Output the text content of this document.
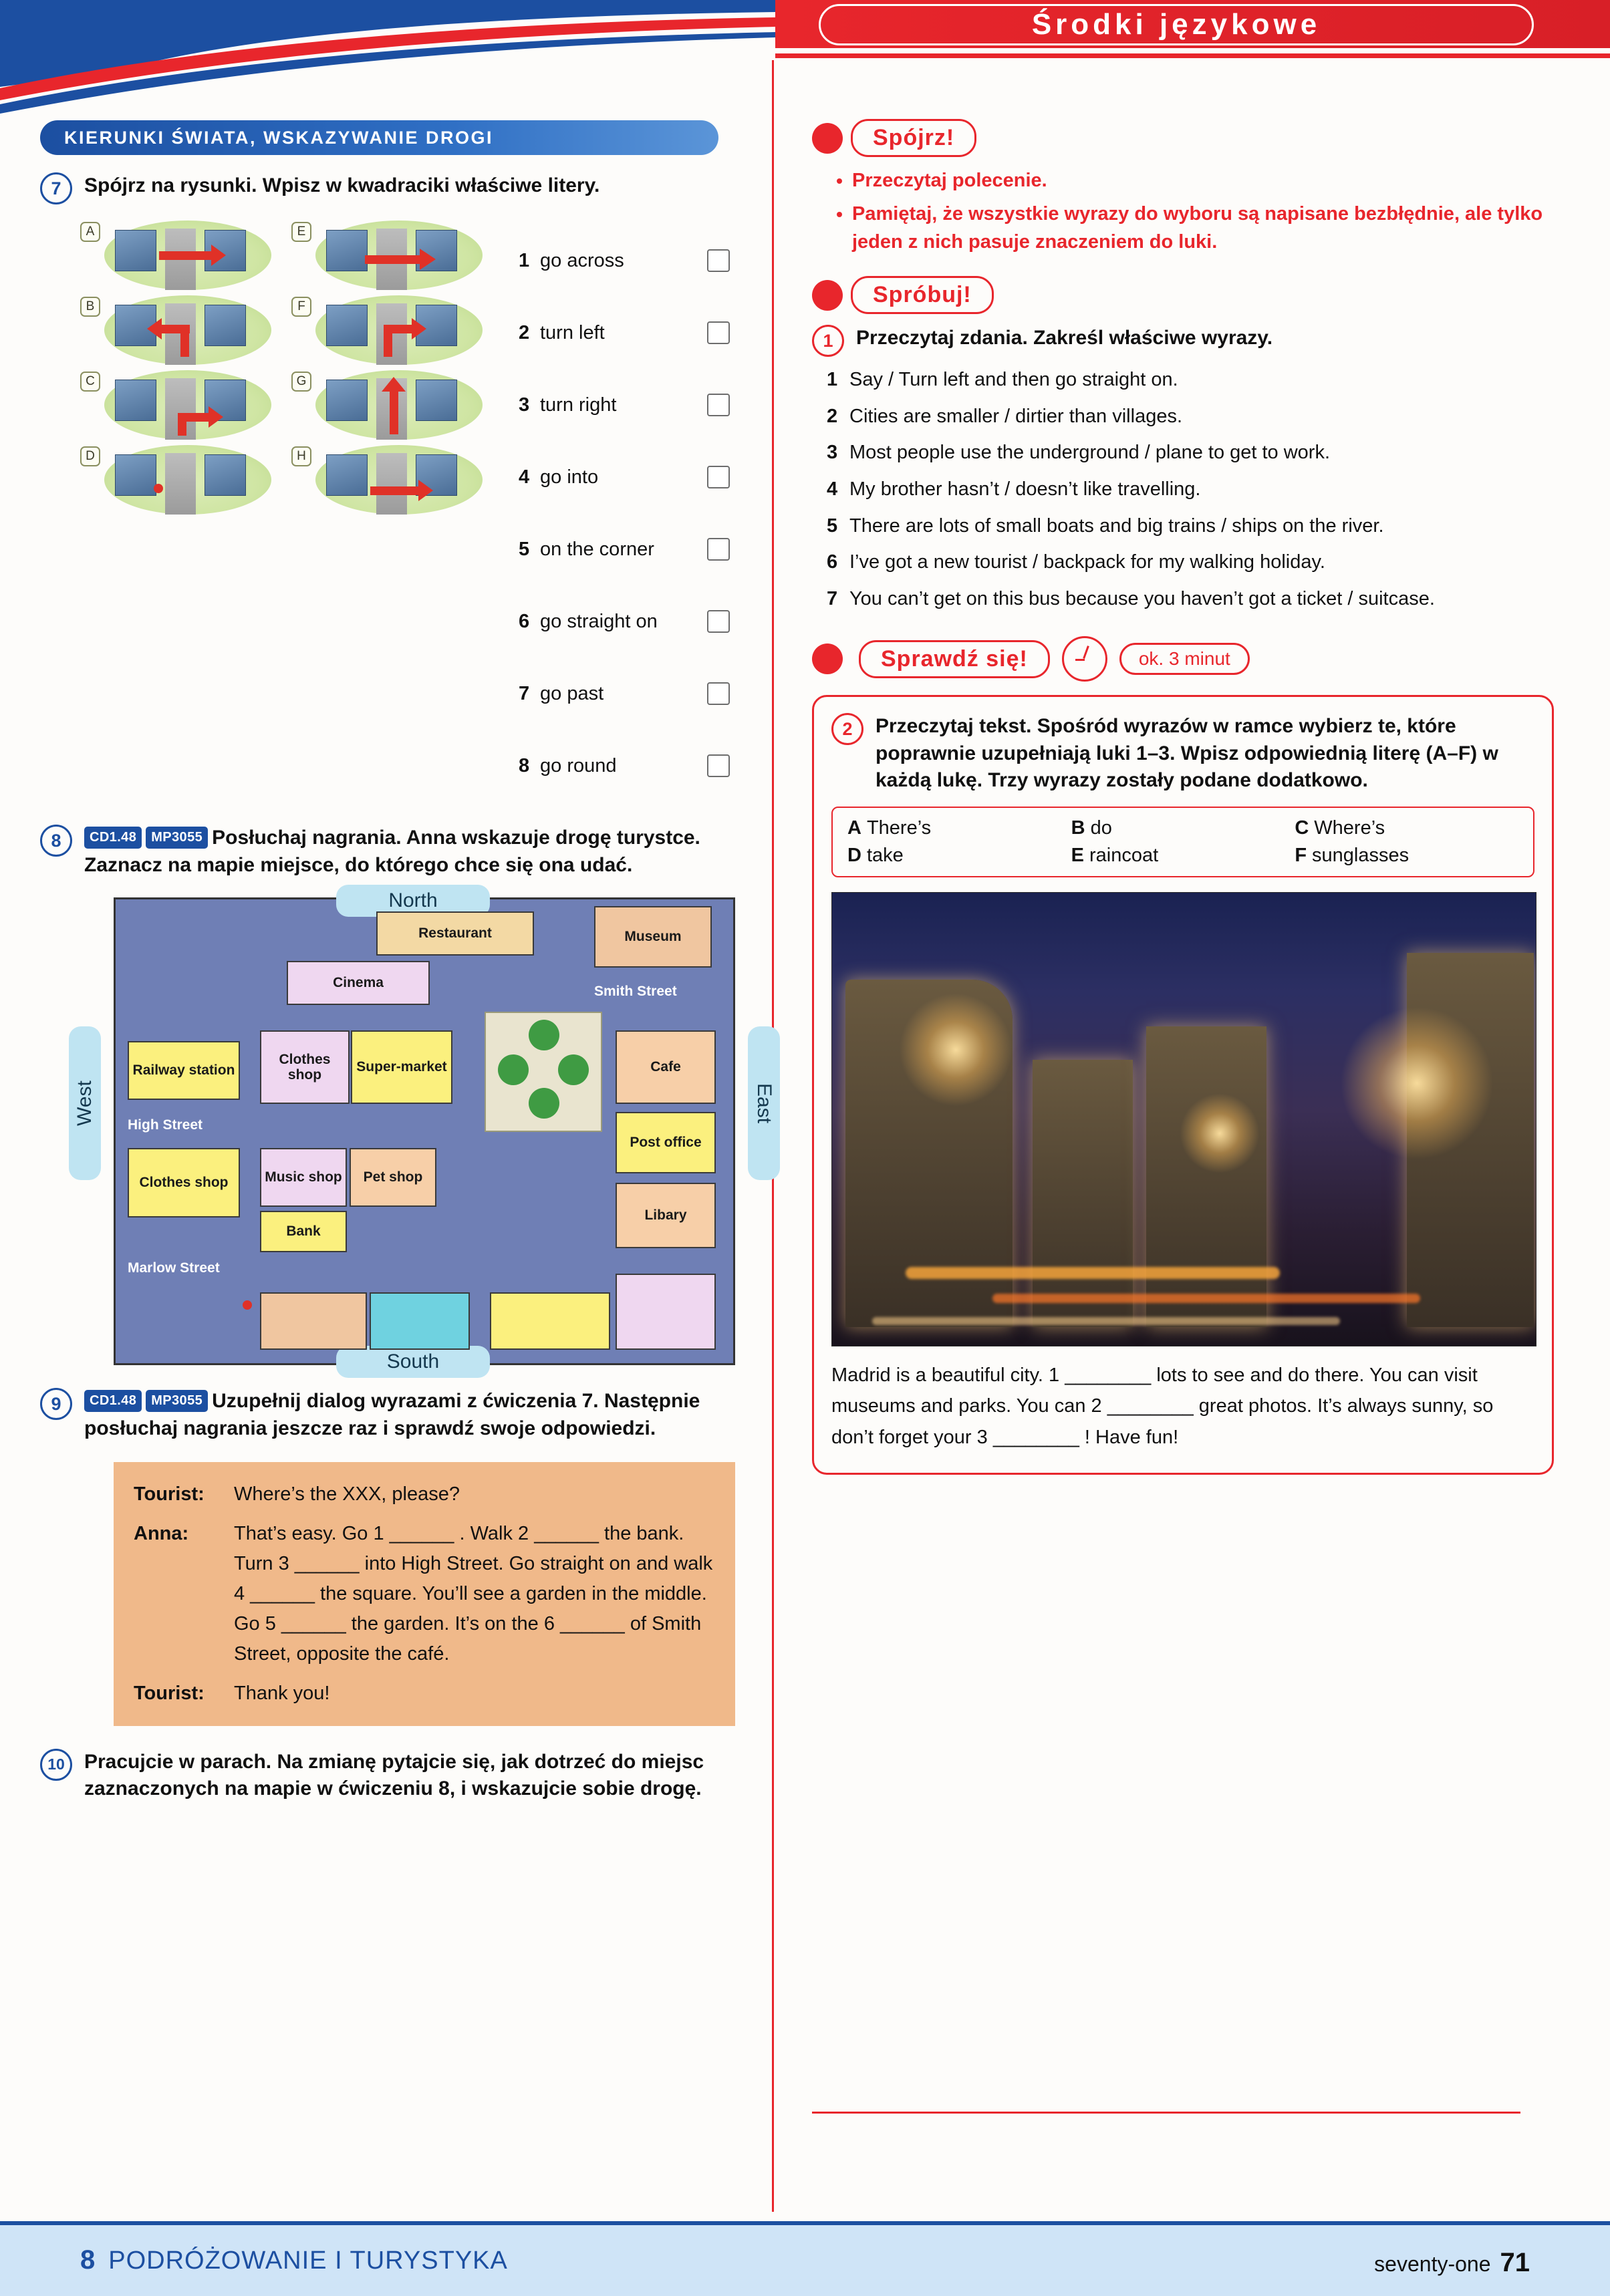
Środki językowe
KIERUNKI ŚWIATA, WSKAZYWANIE DROGI
7	Spójrz na rysunki. Wpisz w kwadraciki właściwe litery.
A	E
B	F
C	G
D	H
1 go across
2 turn left
3 turn right
4 go into
5 on the corner
6 go straight on
7 go past
8 go round
8	CD1.48 MP3055 Posłuchaj nagrania. Anna wskazuje drogę turystce. Zaznacz na mapie miejsce, do którego chce się ona udać.
North
South
East
West
Restaurant	Museum
Cinema
Railway station
Clothes shop
Super-market	Cafe
Post office
Libary
Clothes shop	Music shop	Pet shop
Bank
Smith Street
High Street
Marlow Street
9	CD1.48 MP3055 Uzupełnij dialog wyrazami z ćwiczenia 7. Następnie posłuchaj nagrania jeszcze raz i sprawdź swoje odpowiedzi.
Tourist:	Where’s the XXX, please?
Anna:	That’s easy. Go 1 ______ . Walk 2 ______ the bank. Turn 3 ______ into High Street. Go straight on and walk 4 ______ the square. You’ll see a garden in the middle. Go 5 ______ the garden. It’s on the 6 ______ of Smith Street, opposite the café.
Tourist:	Thank you!
10 Pracujcie w parach. Na zmianę pytajcie się, jak dotrzeć do miejsc zaznaczonych na mapie w ćwiczeniu 8, i wskazujcie sobie drogę.
Spójrz!
• Przeczytaj polecenie.
• Pamiętaj, że wszystkie wyrazy do wyboru są napisane bezbłędnie, ale tylko jeden z nich pasuje znaczeniem do luki.
Spróbuj!
1	Przeczytaj zdania. Zakreśl właściwe wyrazy.
1 Say / Turn left and then go straight on.
2 Cities are smaller / dirtier than villages.
3 Most people use the underground / plane to get to work.
4 My brother hasn’t / doesn’t like travelling.
5 There are lots of small boats and big trains / ships on the river.
6 I’ve got a new tourist / backpack for my walking holiday.
7 You can’t get on this bus because you haven’t got a ticket / suitcase.
Sprawdź się!	ok. 3 minut
2	Przeczytaj tekst. Spośród wyrazów w ramce wybierz te, które poprawnie uzupełniają luki 1–3. Wpisz odpowiednią literę (A–F) w każdą lukę. Trzy wyrazy zostały podane dodatkowo.
A There’s	B do	C Where’s
D take	E raincoat	F sunglasses
Madrid is a beautiful city. 1 ________ lots to see and do there. You can visit museums and parks. You can 2 ________ great photos. It’s always sunny, so don’t forget your 3 ________ ! Have fun!
8 PODRÓŻOWANIE I TURYSTYKA	seventy-one 71
